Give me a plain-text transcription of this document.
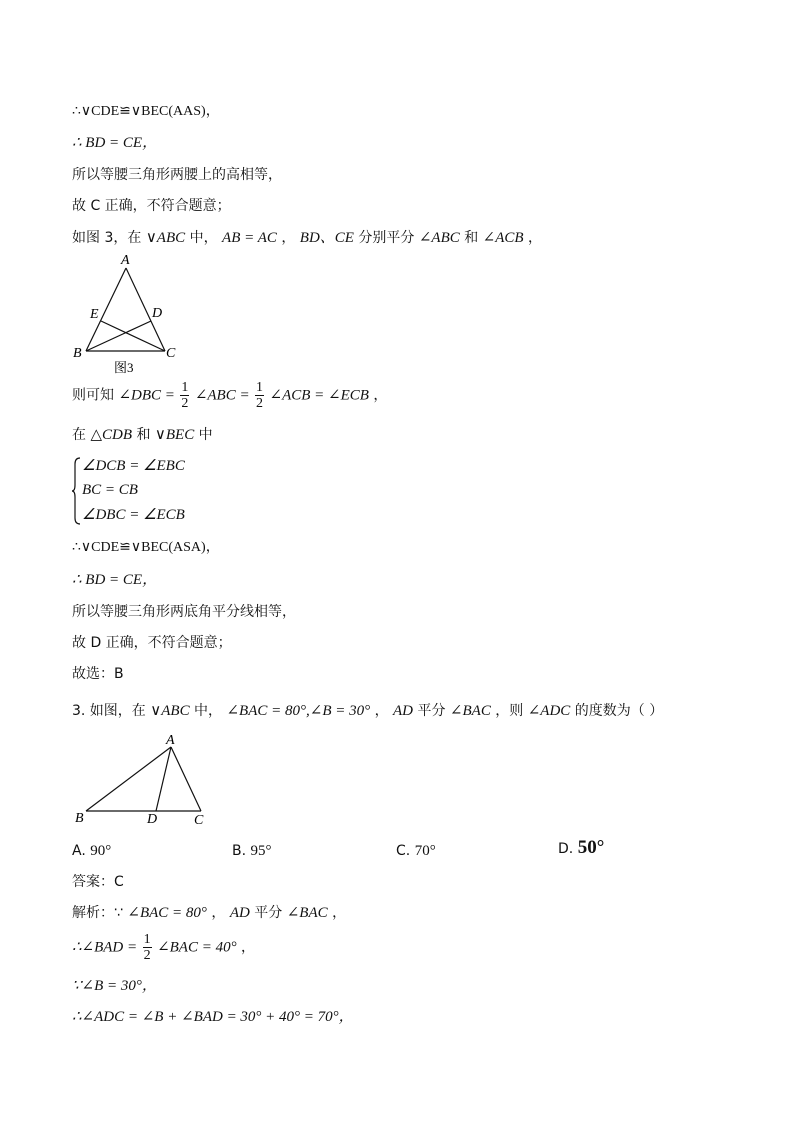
∴∨CDE≌∨BEC(AAS)，
∴ BD = CE，
所以等腰三角形两腰上的高相等，
故 C 正确，不符合题意；
如图 3，在 ∨ABC 中， AB = AC ， BD、CE 分别平分 ∠ABC 和 ∠ACB ，
A
E	D
B	C
图3
则可知 ∠DBC = $\frac{1}{2}$ ∠ABC = $\frac{1}{2}$ ∠ACB = ∠ECB ，
在 △CDB 和 ∨BEC 中
∠DCB = ∠EBC
BC = CB
∠DBC = ∠ECB
∴∨CDE≌∨BEC(ASA)，
∴ BD = CE，
所以等腰三角形两底角平分线相等，
故 D 正确，不符合题意；
故选：B
3. 如图，在 ∨ABC 中， ∠BAC = 80°,∠B = 30° ， AD 平分 ∠BAC ，则 ∠ADC 的度数为（ ）
A
B	D	C
A. 90°	B. 95°	C. 70°	D. 50°
答案：C
解析：∵ ∠BAC = 80° ， AD 平分 ∠BAC ，
∴∠BAD = $\frac{1}{2}$ ∠BAC = 40° ，
∵∠B = 30°，
∴∠ADC = ∠B + ∠BAD = 30° + 40° = 70°，
